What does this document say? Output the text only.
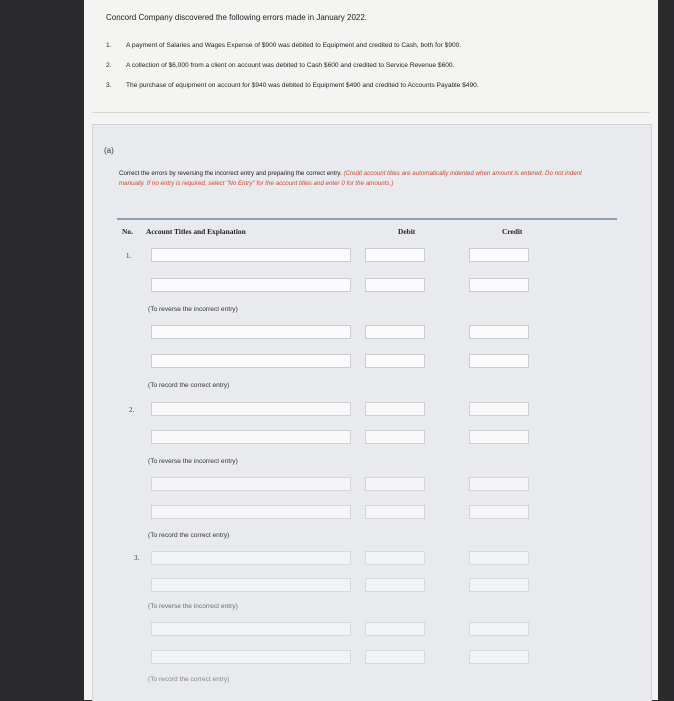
Concord Company discovered the following errors made in January 2022.
1.	A payment of Salaries and Wages Expense of $900 was debited to Equipment and credited to Cash, both for $900.
2.	A collection of $6,000 from a client on account was debited to Cash $600 and credited to Service Revenue $600.
3.	The purchase of equipment on account for $940 was debited to Equipment $490 and credited to Accounts Payable $490.
(a)
Correct the errors by reversing the incorrect entry and preparing the correct entry. (Credit account titles are automatically indented when amount is entered. Do not indent manually. If no entry is required, select "No Entry" for the account titles and enter 0 for the amounts.)
No. Account Titles and Explanation	Debit	Credit
1.
(To reverse the incorrect entry)
(To record the correct entry)
2.
(To reverse the incorrect entry)
(To record the correct entry)
3.
(To reverse the incorrect entry)
(To record the correct entry)
